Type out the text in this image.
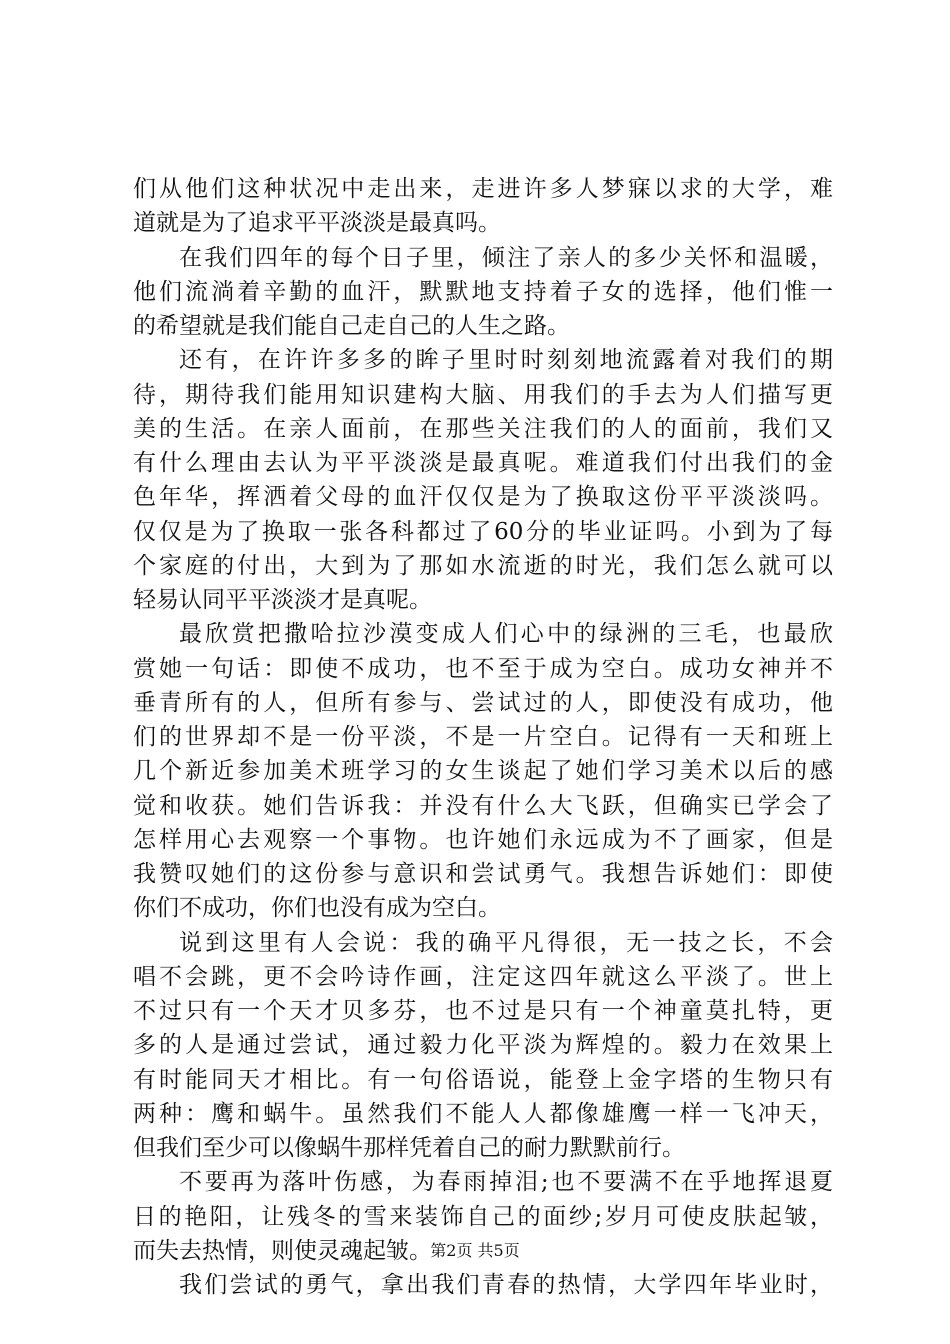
们从他们这种状况中走出来，走进许多人梦寐以求的大学，难
道就是为了追求平平淡淡是最真吗。
在我们四年的每个日子里，倾注了亲人的多少关怀和温暖，
他们流淌着辛勤的血汗，默默地支持着子女的选择，他们惟一
的希望就是我们能自己走自己的人生之路。
还有，在许许多多的眸子里时时刻刻地流露着对我们的期
待，期待我们能用知识建构大脑、用我们的手去为人们描写更
美的生活。在亲人面前，在那些关注我们的人的面前，我们又
有什么理由去认为平平淡淡是最真呢。难道我们付出我们的金
色年华，挥洒着父母的血汗仅仅是为了换取这份平平淡淡吗。
仅仅是为了换取一张各科都过了60分的毕业证吗。小到为了每
个家庭的付出，大到为了那如水流逝的时光，我们怎么就可以
轻易认同平平淡淡才是真呢。
最欣赏把撒哈拉沙漠变成人们心中的绿洲的三毛，也最欣
赏她一句话：即使不成功，也不至于成为空白。成功女神并不
垂青所有的人，但所有参与、尝试过的人，即使没有成功，他
们的世界却不是一份平淡，不是一片空白。记得有一天和班上
几个新近参加美术班学习的女生谈起了她们学习美术以后的感
觉和收获。她们告诉我：并没有什么大飞跃，但确实已学会了
怎样用心去观察一个事物。也许她们永远成为不了画家，但是
我赞叹她们的这份参与意识和尝试勇气。我想告诉她们：即使
你们不成功，你们也没有成为空白。
说到这里有人会说：我的确平凡得很，无一技之长，不会
唱不会跳，更不会吟诗作画，注定这四年就这么平淡了。世上
不过只有一个天才贝多芬，也不过是只有一个神童莫扎特，更
多的人是通过尝试，通过毅力化平淡为辉煌的。毅力在效果上
有时能同天才相比。有一句俗语说，能登上金字塔的生物只有
两种：鹰和蜗牛。虽然我们不能人人都像雄鹰一样一飞冲天，
但我们至少可以像蜗牛那样凭着自己的耐力默默前行。
不要再为落叶伤感，为春雨掉泪;也不要满不在乎地挥退夏
日的艳阳，让残冬的雪来装饰自己的面纱;岁月可使皮肤起皱，
而失去热情，则使灵魂起皱。
我们尝试的勇气，拿出我们青春的热情，大学四年毕业时，
第2页 共5页
